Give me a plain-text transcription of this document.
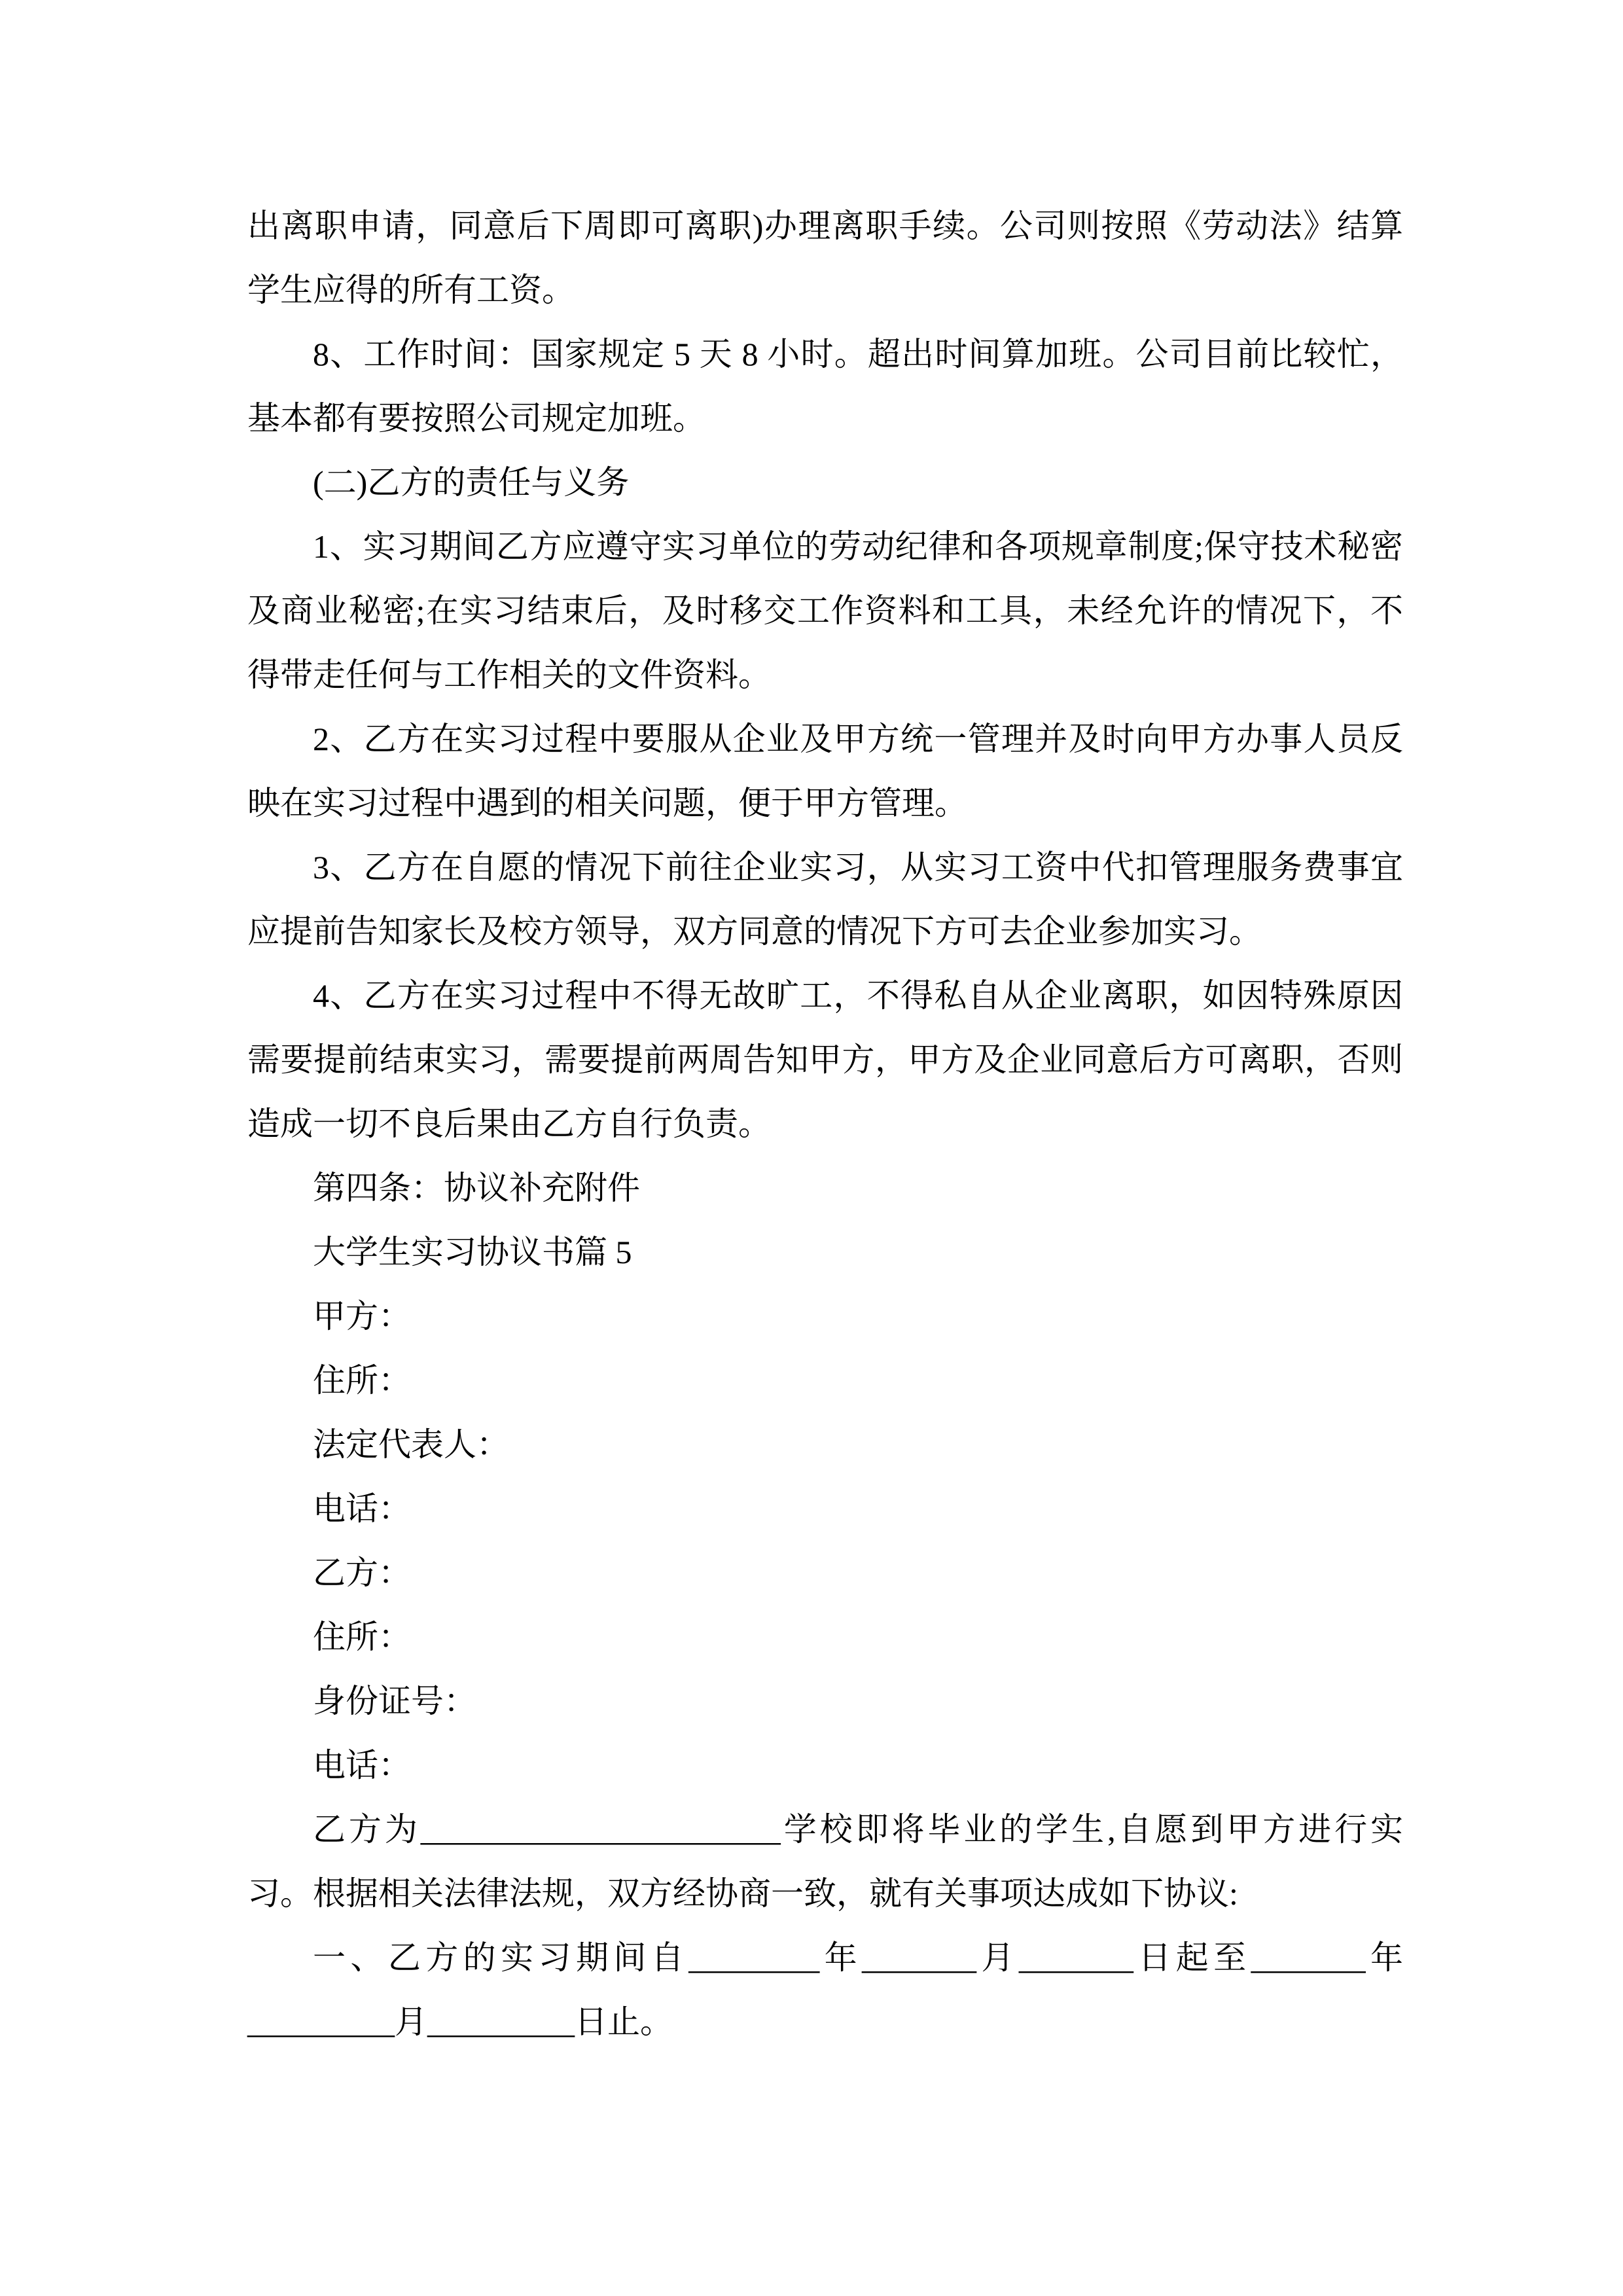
出离职申请，同意后下周即可离职)办理离职手续。公司则按照《劳动法》结算
学生应得的所有工资。
8、工作时间：国家规定 5 天 8 小时。超出时间算加班。公司目前比较忙，
基本都有要按照公司规定加班。
(二)乙方的责任与义务
1、实习期间乙方应遵守实习单位的劳动纪律和各项规章制度;保守技术秘密
及商业秘密;在实习结束后，及时移交工作资料和工具，未经允许的情况下，不
得带走任何与工作相关的文件资料。
2、乙方在实习过程中要服从企业及甲方统一管理并及时向甲方办事人员反
映在实习过程中遇到的相关问题，便于甲方管理。
3、乙方在自愿的情况下前往企业实习，从实习工资中代扣管理服务费事宜
应提前告知家长及校方领导，双方同意的情况下方可去企业参加实习。
4、乙方在实习过程中不得无故旷工，不得私自从企业离职，如因特殊原因
需要提前结束实习，需要提前两周告知甲方，甲方及企业同意后方可离职，否则
造成一切不良后果由乙方自行负责。
第四条：协议补充附件
大学生实习协议书篇 5
甲方：
住所：
法定代表人：
电话：
乙方：
住所：
身份证号：
电话：
乙方为______________________学校即将毕业的学生,自愿到甲方进行实
习。根据相关法律法规，双方经协商一致，就有关事项达成如下协议:
一、乙方的实习期间自________年_______月_______日起至_______年
_________月_________日止。
